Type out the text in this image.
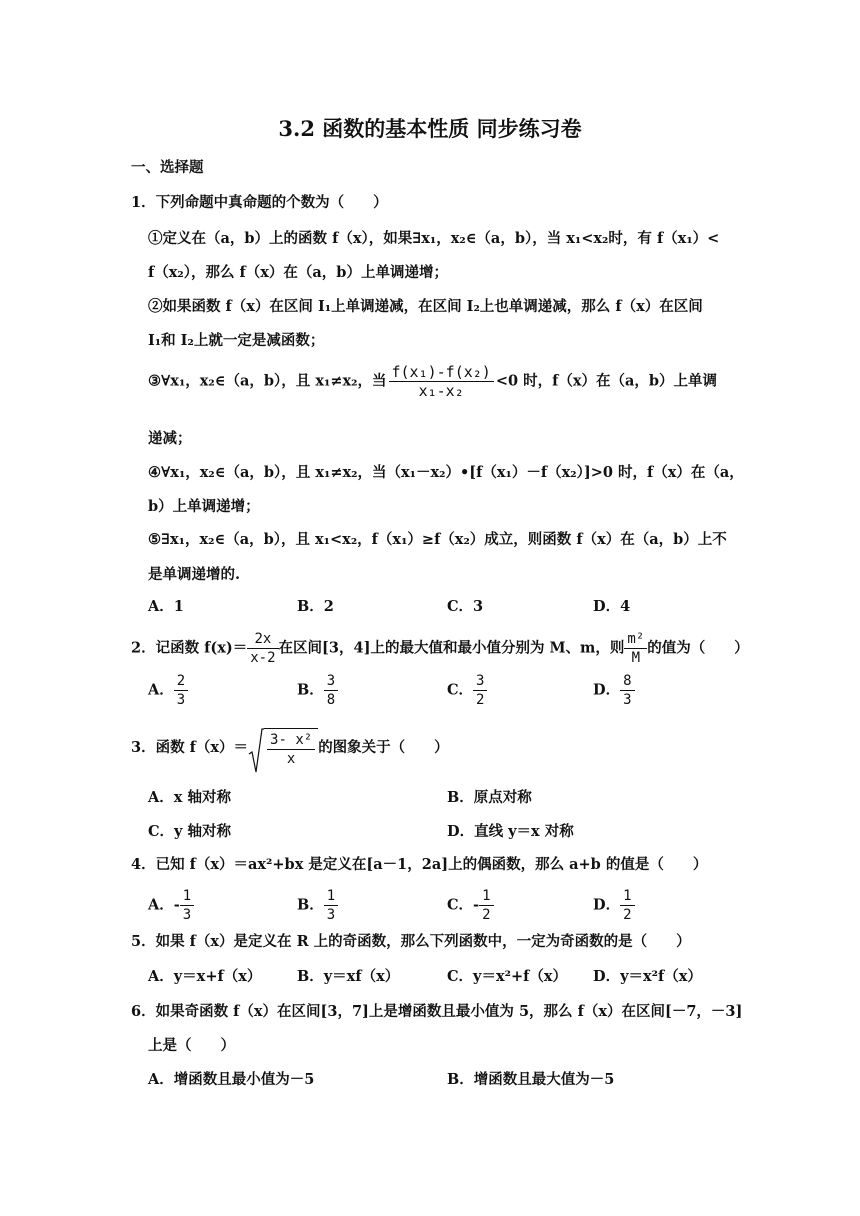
3.2 函数的基本性质 同步练习卷
一、选择题
1．下列命题中真命题的个数为（　　）
①定义在（a，b）上的函数 f（x），如果∃x₁，x₂∈（a，b），当 x₁<x₂时，有 f（x₁）<
f（x₂），那么 f（x）在（a，b）上单调递增；
②如果函数 f（x）在区间 I₁上单调递减，在区间 I₂上也单调递减，那么 f（x）在区间
I₁和 I₂上就一定是减函数；
③∀x₁，x₂∈（a，b），且 x₁≠x₂，当 $\frac{\text{f(x₁)-f(x₂)}}{\text{x₁-x₂}} <0$ 时，f（x）在（a，b）上单调
递减；
④∀x₁，x₂∈（a，b），且 x₁≠x₂，当（x₁－x₂）•[f（x₁）－f（x₂）]>0 时，f（x）在（a，
b）上单调递增；
⑤∃x₁，x₂∈（a，b），且 x₁<x₂，f（x₁）≥f（x₂）成立，则函数 f（x）在（a，b）上不
是单调递增的.
A．1	B．2	C．3	D．4
2．记函数 $f(x)= \frac{2x}{x-2}$ 在区间[3，4]上的最大值和最小值分别为 M、m，则 $\frac{\text{m²}}{M}$ 的值为（　　）
A． $\frac{2}{3}$	B． $\frac{3}{8}$	C． $\frac{3}{2}$	D． $\frac{8}{3}$
3．函数 $f(x)= \frac{\text{3- x²}}{x}$ 的图象关于（　　）
A．x 轴对称	B．原点对称
C．y 轴对称	D．直线 y＝x 对称
4．已知 f（x）＝ax²+bx 是定义在[a－1，2a]上的偶函数，那么 a+b 的值是（　　）
A．- $\frac{1}{3}$	B． $\frac{1}{3}$	C．- $\frac{1}{2}$	D． $\frac{1}{2}$
5．如果 f（x）是定义在 R 上的奇函数，那么下列函数中，一定为奇函数的是（　　）
A．y＝x+f（x） B．y＝xf（x）	C．y＝x²+f（x） D．y＝x²f（x）
6．如果奇函数 f（x）在区间[3，7]上是增函数且最小值为 5，那么 f（x）在区间[－7，－3]
上是（　　）
A．增函数且最小值为－5	B．增函数且最大值为－5
